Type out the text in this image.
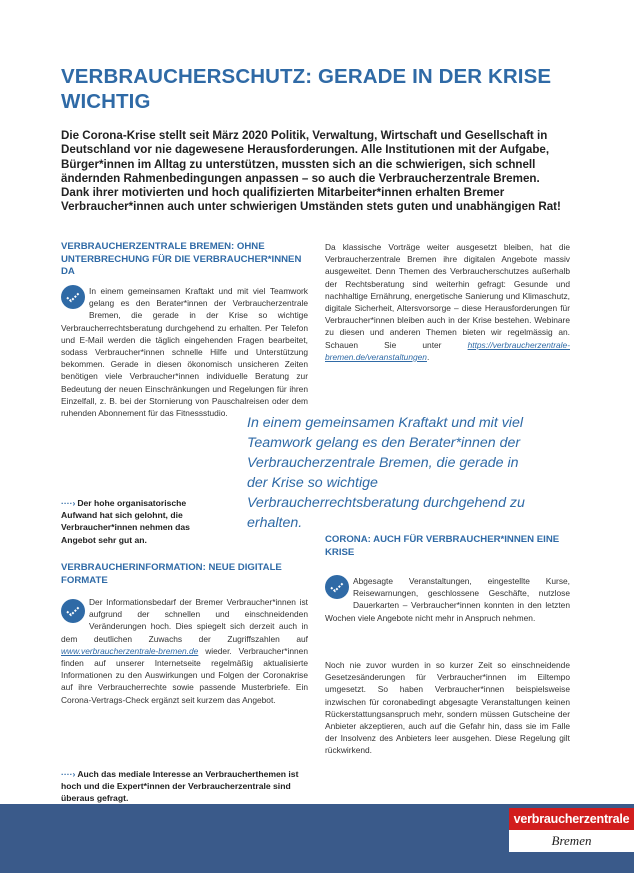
VERBRAUCHERSCHUTZ: GERADE IN DER KRISE WICHTIG

Die Corona-Krise stellt seit März 2020 Politik, Verwaltung, Wirtschaft und Gesellschaft in Deutschland vor nie dagewesene Herausforderungen. Alle Institutionen mit der Aufgabe, Bürger*innen im Alltag zu unterstützen, mussten sich an die schwierigen, sich schnell ändernden Rahmenbedingungen anpassen – so auch die Verbraucherzentrale Bremen. Dank ihrer motivierten und hoch qualifizierten Mitarbeiter*innen erhalten Bremer Verbraucher*innen auch unter schwierigen Umständen stets guten und unabhängigen Rat!

VERBRAUCHERZENTRALE BREMEN: OHNE UNTERBRECHUNG FÜR DIE VERBRAUCHER*INNEN DA
In einem gemeinsamen Kraftakt und mit viel Teamwork gelang es den Berater*innen der Verbraucherzentrale Bremen, die gerade in der Krise so wichtige Verbraucherrechtsberatung durchgehend zu erhalten. Per Telefon und E-Mail werden die täglich eingehenden Fragen bearbeitet, sodass Verbraucher*innen schnelle Hilfe und Unterstützung bekommen. Gerade in diesen ökonomisch unsicheren Zeiten benötigen viele Verbraucher*innen individuelle Beratung zur Bedeutung der neuen Einschränkungen und Regelungen für ihren Einzelfall, z. B. bei der Stornierung von Pauschalreisen oder dem ruhenden Abonnement für das Fitnessstudio.
····› Der hohe organisatorische Aufwand hat sich gelohnt, die Verbraucher*innen nehmen das Angebot sehr gut an.
VERBRAUCHERINFORMATION: NEUE DIGITALE FORMATE
Der Informationsbedarf der Bremer Verbraucher*innen ist aufgrund der schnellen und einschneidenden Veränderungen hoch. Dies spiegelt sich derzeit auch in dem deutlichen Zuwachs der Zugriffszahlen auf www.verbraucherzentrale-bremen.de wieder. Verbraucher*innen finden auf unserer Internetseite regelmäßig aktualisierte Informationen zu den Auswirkungen und Folgen der Coronakrise auf ihre Verbraucherrechte sowie passende Musterbriefe. Ein Corona-Vertrags-Check ergänzt seit kurzem das Angebot.
····› Auch das mediale Interesse an Verbraucherthemen ist hoch und die Expert*innen der Verbraucherzentrale sind überaus gefragt.
Da klassische Vorträge weiter ausgesetzt bleiben, hat die Verbraucherzentrale Bremen ihre digitalen Angebote massiv ausgeweitet. Denn Themen des Verbraucherschutzes außerhalb der Rechtsberatung sind weiterhin gefragt: Gesunde und nachhaltige Ernährung, energetische Sanierung und Klimaschutz, digitale Sicherheit, Altersvorsorge – diese Herausforderungen für Verbraucher*innen bleiben auch in der Krise bestehen. Webinare zu diesen und anderen Themen bieten wir regelmässig an. Schauen Sie unter	https://verbraucherzentrale-bremen.de/veranstaltungen.
In einem gemeinsamen Kraftakt und mit viel Teamwork gelang es den Berater*innen der Verbraucherzentrale Bremen, die gerade in der Krise so wichtige Verbraucherrechtsberatung durchgehend zu erhalten.
CORONA: AUCH FÜR VERBRAUCHER*INNEN EINE KRISE
Abgesagte Veranstaltungen, eingestellte Kurse, Reisewarnungen, geschlossene Geschäfte, nutzlose Dauerkarten – Verbraucher*innen konnten in den letzten Wochen viele Angebote nicht mehr in Anspruch nehmen.
Noch nie zuvor wurden in so kurzer Zeit so einschneidende Gesetzesänderungen für Verbraucher*innen im Eiltempo umgesetzt. So haben Verbraucher*innen beispielsweise inzwischen für coronabedingt abgesagte Veranstaltungen keinen Rückerstattungsanspruch mehr, sondern müssen Gutscheine der Anbieter akzeptieren, auch auf die Gefahr hin, dass sie im Falle der Insolvenz des Anbieters leer ausgehen. Diese Regelung gilt rückwirkend.
verbraucherzentrale
Bremen
